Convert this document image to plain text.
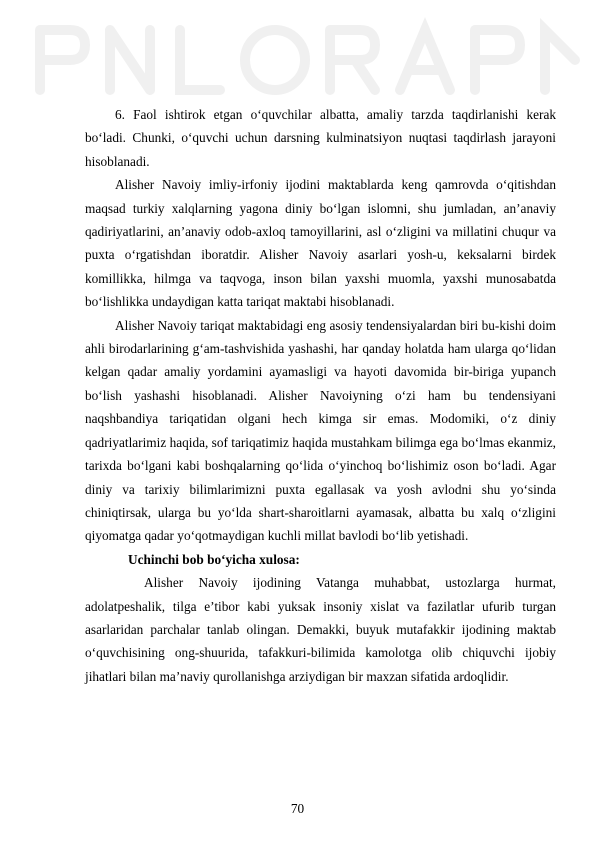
6. Faol ishtirok etgan o‘quvchilar albatta, amaliy tarzda taqdirlanishi kerak bo‘ladi. Chunki, o‘quvchi uchun darsning kulminatsiyon nuqtasi taqdirlash jarayoni hisoblanadi.

Alisher Navoiy imliy-irfoniy ijodini maktablarda keng qamrovda o‘qitishdan maqsad turkiy xalqlarning yagona diniy bo‘lgan islomni, shu jumladan, an’anaviy qadiriyatlarini, an’anaviy odob-axloq tamoyillarini, asl o‘zligini va millatini chuqur va puxta o‘rgatishdan iboratdir. Alisher Navoiy asarlari yosh-u, keksalarni birdek komillikka, hilmga va taqvoga, inson bilan yaxshi muomla, yaxshi munosabatda bo‘lishlikka undaydigan katta tariqat maktabi hisoblanadi.

Alisher Navoiy tariqat maktabidagi eng asosiy tendensiyalardan biri bu-kishi doim ahli birodarlarining g‘am-tashvishida yashashi, har qanday holatda ham ularga qo‘lidan kelgan qadar amaliy yordamini ayamasligi va hayoti davomida bir-biriga yupanch bo‘lish yashashi hisoblanadi. Alisher Navoiyning o‘zi ham bu tendensiyani naqshbandiya tariqatidan olgani hech kimga sir emas. Modomiki, o‘z diniy qadriyatlarimiz haqida, sof tariqatimiz haqida mustahkam bilimga ega bo‘lmas ekanmiz, tarixda bo‘lgani kabi boshqalarning qo‘lida o‘yinchoq bo‘lishimiz oson bo‘ladi. Agar diniy va tarixiy bilimlarimizni puxta egallasak va yosh avlodni shu yo‘sinda chiniqtirsak, ularga bu yo‘lda shart-sharoitlarni ayamasak, albatta bu xalq o‘zligini qiyomatga qadar yo‘qotmaydigan kuchli millat bavlodi bo‘lib yetishadi.

Uchinchi bob bo‘yicha xulosa:

Alisher Navoiy ijodining Vatanga muhabbat, ustozlarga hurmat, adolatpeshalik, tilga e’tibor kabi yuksak insoniy xislat va fazilatlar ufurib turgan asarlaridan parchalar tanlab olingan. Demakki, buyuk mutafakkir ijodining maktab o‘quvchisining ong-shuurida, tafakkuri-bilimida kamolotga olib chiquvchi ijobiy jihatlari bilan ma’naviy qurollanishga arziydigan bir maxzan sifatida ardoqlidir.

70
